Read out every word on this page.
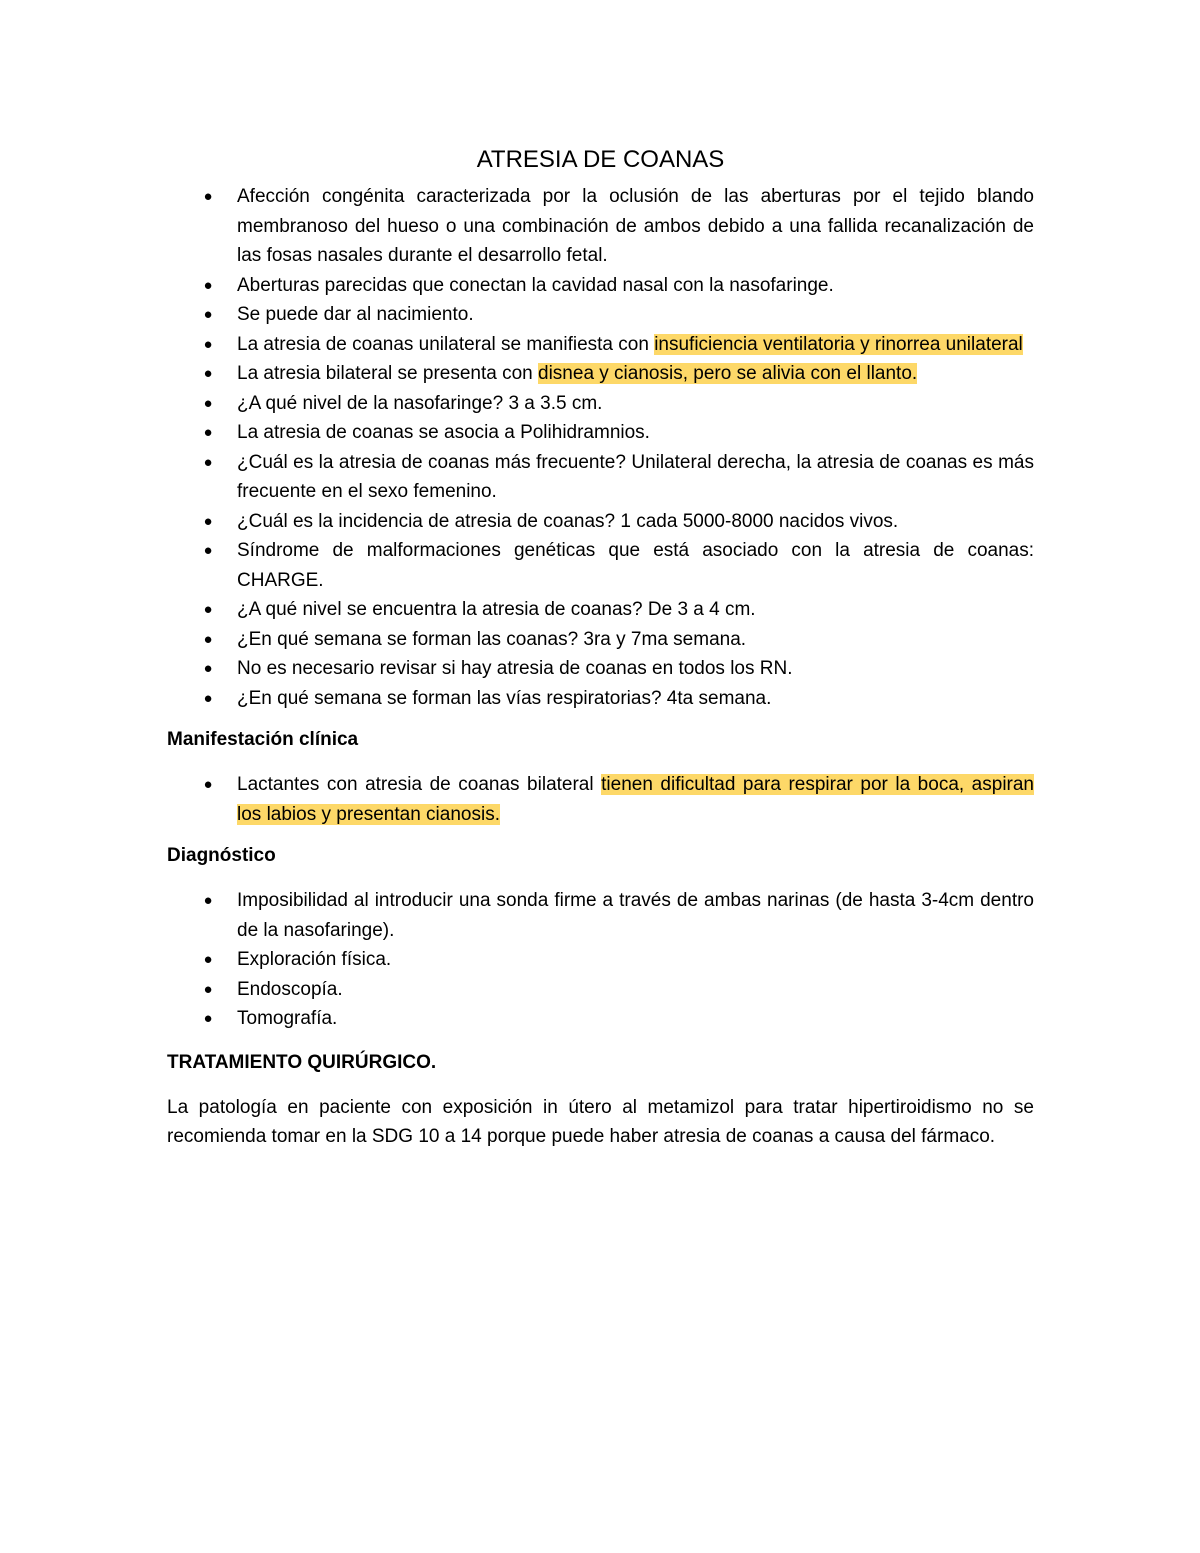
ATRESIA DE COANAS
● Afección congénita caracterizada por la oclusión de las aberturas por el tejido blando membranoso del hueso o una combinación de ambos debido a una fallida recanalización de las fosas nasales durante el desarrollo fetal.
● Aberturas parecidas que conectan la cavidad nasal con la nasofaringe.
● Se puede dar al nacimiento.
● La atresia de coanas unilateral se manifiesta con insuficiencia ventilatoria y rinorrea unilateral
● La atresia bilateral se presenta con disnea y cianosis, pero se alivia con el llanto.
● ¿A qué nivel de la nasofaringe? 3 a 3.5 cm.
● La atresia de coanas se asocia a Polihidramnios.
● ¿Cuál es la atresia de coanas más frecuente? Unilateral derecha, la atresia de coanas es más frecuente en el sexo femenino.
● ¿Cuál es la incidencia de atresia de coanas? 1 cada 5000-8000 nacidos vivos.
● Síndrome de malformaciones genéticas que está asociado con la atresia de coanas: CHARGE.
● ¿A qué nivel se encuentra la atresia de coanas? De 3 a 4 cm.
● ¿En qué semana se forman las coanas? 3ra y 7ma semana.
● No es necesario revisar si hay atresia de coanas en todos los RN.
● ¿En qué semana se forman las vías respiratorias? 4ta semana.
Manifestación clínica
● Lactantes con atresia de coanas bilateral tienen dificultad para respirar por la boca, aspiran los labios y presentan cianosis.
Diagnóstico
● Imposibilidad al introducir una sonda firme a través de ambas narinas (de hasta 3-4cm dentro de la nasofaringe).
● Exploración física.
● Endoscopía.
● Tomografía.
TRATAMIENTO QUIRÚRGICO.

La patología en paciente con exposición in útero al metamizol para tratar hipertiroidismo no se recomienda tomar en la SDG 10 a 14 porque puede haber atresia de coanas a causa del fármaco.
